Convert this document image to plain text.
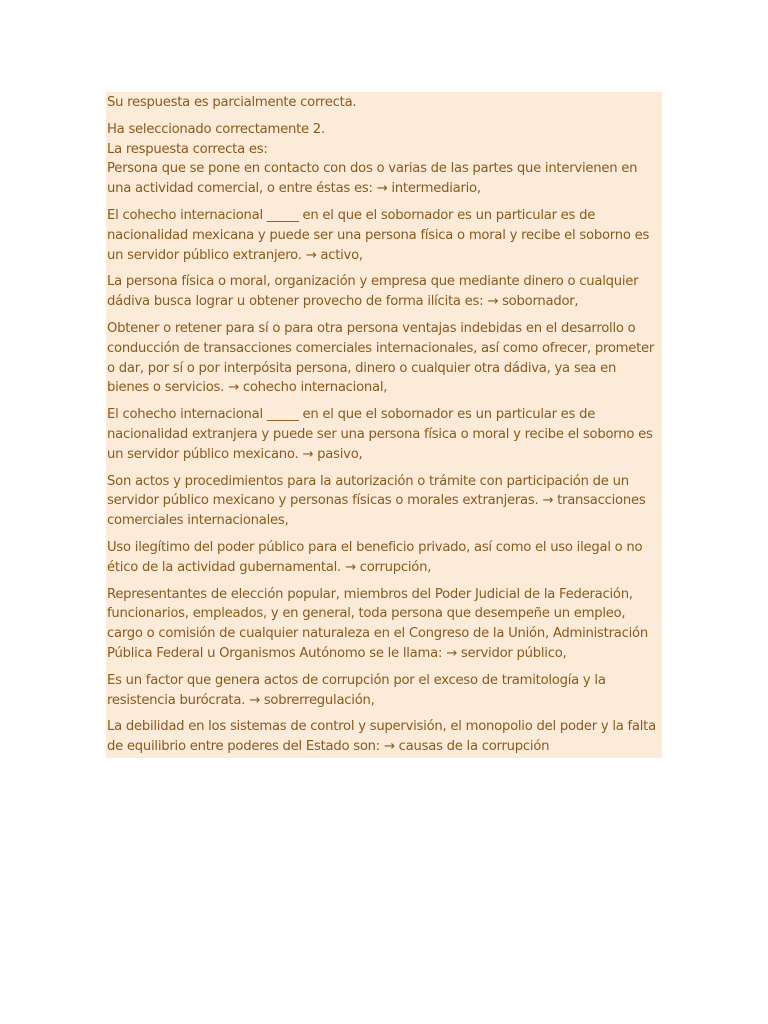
Su respuesta es parcialmente correcta.

Ha seleccionado correctamente 2.
La respuesta correcta es:
Persona que se pone en contacto con dos o varias de las partes que intervienen en una actividad comercial, o entre éstas es: → intermediario,

El cohecho internacional _____ en el que el sobornador es un particular es de nacionalidad mexicana y puede ser una persona física o moral y recibe el soborno es un servidor público extranjero. → activo,

La persona física o moral, organización y empresa que mediante dinero o cualquier dádiva busca lograr u obtener provecho de forma ilícita es: → sobornador,

Obtener o retener para sí o para otra persona ventajas indebidas en el desarrollo o conducción de transacciones comerciales internacionales, así como ofrecer, prometer o dar, por sí o por interpósita persona, dinero o cualquier otra dádiva, ya sea en bienes o servicios. → cohecho internacional,

El cohecho internacional _____ en el que el sobornador es un particular es de nacionalidad extranjera y puede ser una persona física o moral y recibe el soborno es un servidor público mexicano. → pasivo,

Son actos y procedimientos para la autorización o trámite con participación de un servidor público mexicano y personas físicas o morales extranjeras. → transacciones comerciales internacionales,

Uso ilegítimo del poder público para el beneficio privado, así como el uso ilegal o no ético de la actividad gubernamental. → corrupción,

Representantes de elección popular, miembros del Poder Judicial de la Federación, funcionarios, empleados, y en general, toda persona que desempeñe un empleo, cargo o comisión de cualquier naturaleza en el Congreso de la Unión, Administración Pública Federal u Organismos Autónomo se le llama: → servidor público,

Es un factor que genera actos de corrupción por el exceso de tramitología y la resistencia burócrata. → sobrerregulación,

La debilidad en los sistemas de control y supervisión, el monopolio del poder y la falta de equilibrio entre poderes del Estado son: → causas de la corrupción
